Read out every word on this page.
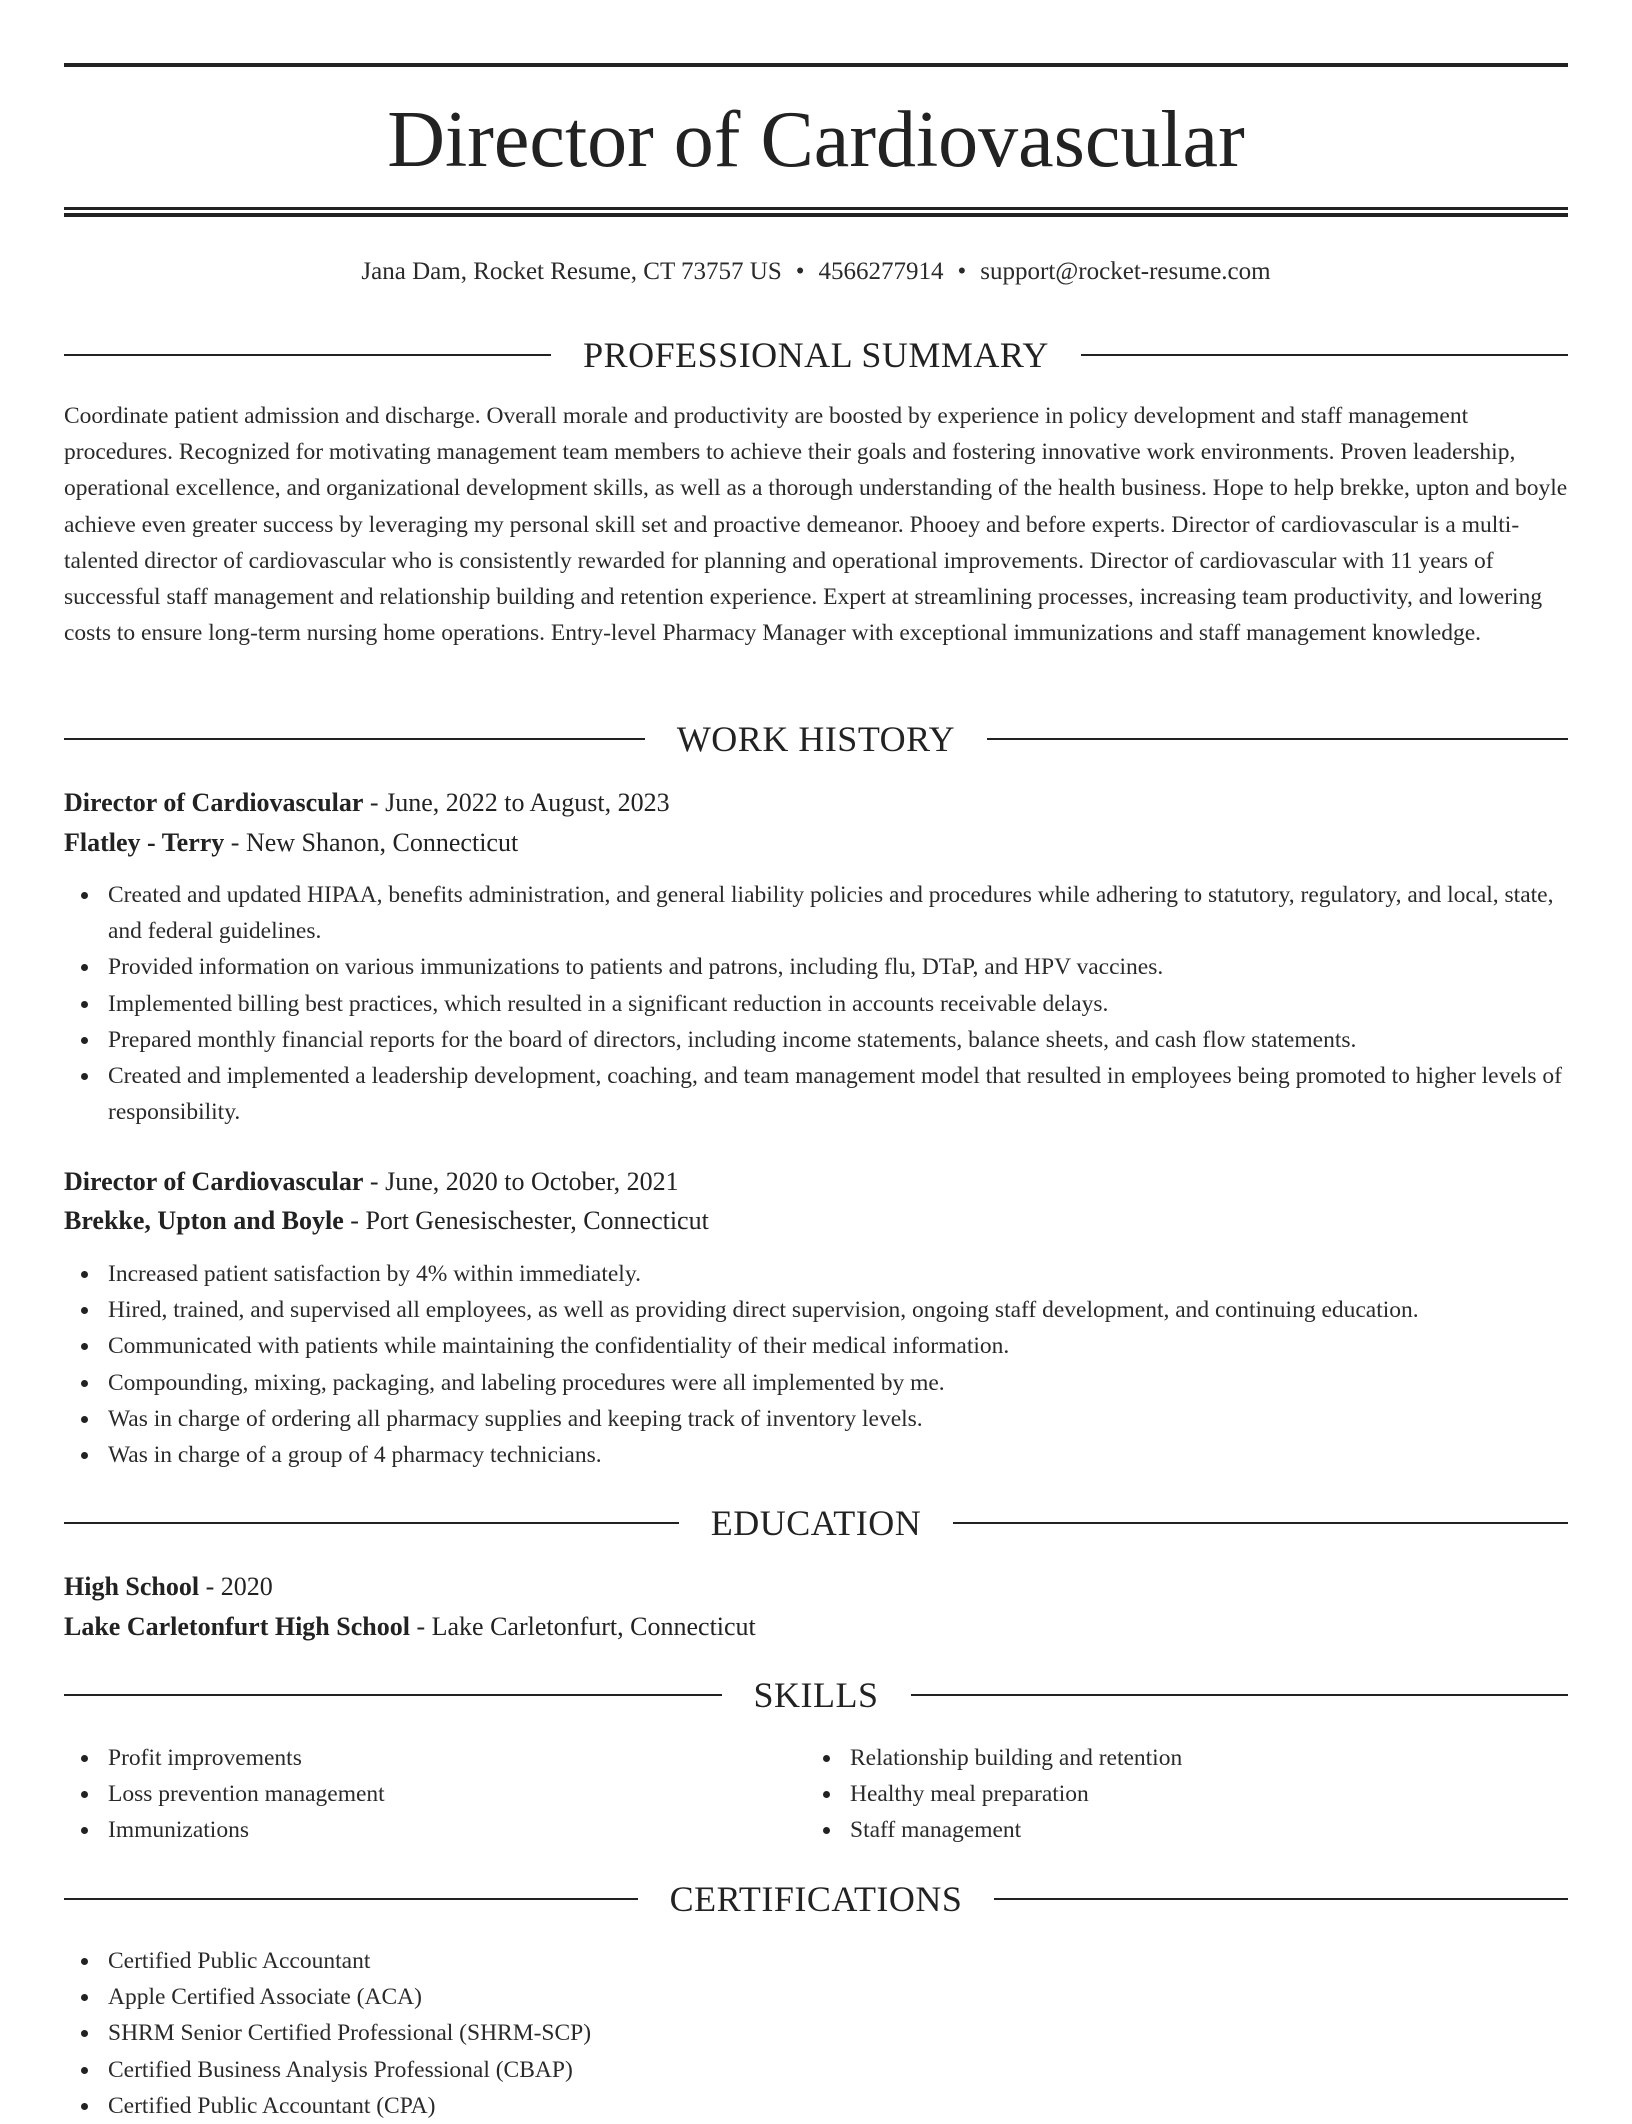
Director of Cardiovascular
Jana Dam, Rocket Resume, CT 73757 US • 4566277914 • support@rocket-resume.com
PROFESSIONAL SUMMARY

Coordinate patient admission and discharge. Overall morale and productivity are boosted by experience in policy development and staff management procedures. Recognized for motivating management team members to achieve their goals and fostering innovative work environments. Proven leadership, operational excellence, and organizational development skills, as well as a thorough understanding of the health business. Hope to help brekke, upton and boyle achieve even greater success by leveraging my personal skill set and proactive demeanor. Phooey and before experts. Director of cardiovascular is a multi-talented director of cardiovascular who is consistently rewarded for planning and operational improvements. Director of cardiovascular with 11 years of successful staff management and relationship building and retention experience. Expert at streamlining processes, increasing team productivity, and lowering costs to ensure long-term nursing home operations. Entry-level Pharmacy Manager with exceptional immunizations and staff management knowledge.

WORK HISTORY
Director of Cardiovascular - June, 2022 to August, 2023
Flatley - Terry - New Shanon, Connecticut
Created and updated HIPAA, benefits administration, and general liability policies and procedures while adhering to statutory, regulatory, and local, state, and federal guidelines.
Provided information on various immunizations to patients and patrons, including flu, DTaP, and HPV vaccines.
Implemented billing best practices, which resulted in a significant reduction in accounts receivable delays.
Prepared monthly financial reports for the board of directors, including income statements, balance sheets, and cash flow statements.
Created and implemented a leadership development, coaching, and team management model that resulted in employees being promoted to higher levels of responsibility.
Director of Cardiovascular - June, 2020 to October, 2021
Brekke, Upton and Boyle - Port Genesischester, Connecticut
Increased patient satisfaction by 4% within immediately.
Hired, trained, and supervised all employees, as well as providing direct supervision, ongoing staff development, and continuing education.
Communicated with patients while maintaining the confidentiality of their medical information.
Compounding, mixing, packaging, and labeling procedures were all implemented by me.
Was in charge of ordering all pharmacy supplies and keeping track of inventory levels.
Was in charge of a group of 4 pharmacy technicians.
EDUCATION
High School - 2020
Lake Carletonfurt High School - Lake Carletonfurt, Connecticut
SKILLS
Profit improvements
Loss prevention management
Immunizations
Relationship building and retention
Healthy meal preparation
Staff management
CERTIFICATIONS
Certified Public Accountant
Apple Certified Associate (ACA)
SHRM Senior Certified Professional (SHRM-SCP)
Certified Business Analysis Professional (CBAP)
Certified Public Accountant (CPA)
